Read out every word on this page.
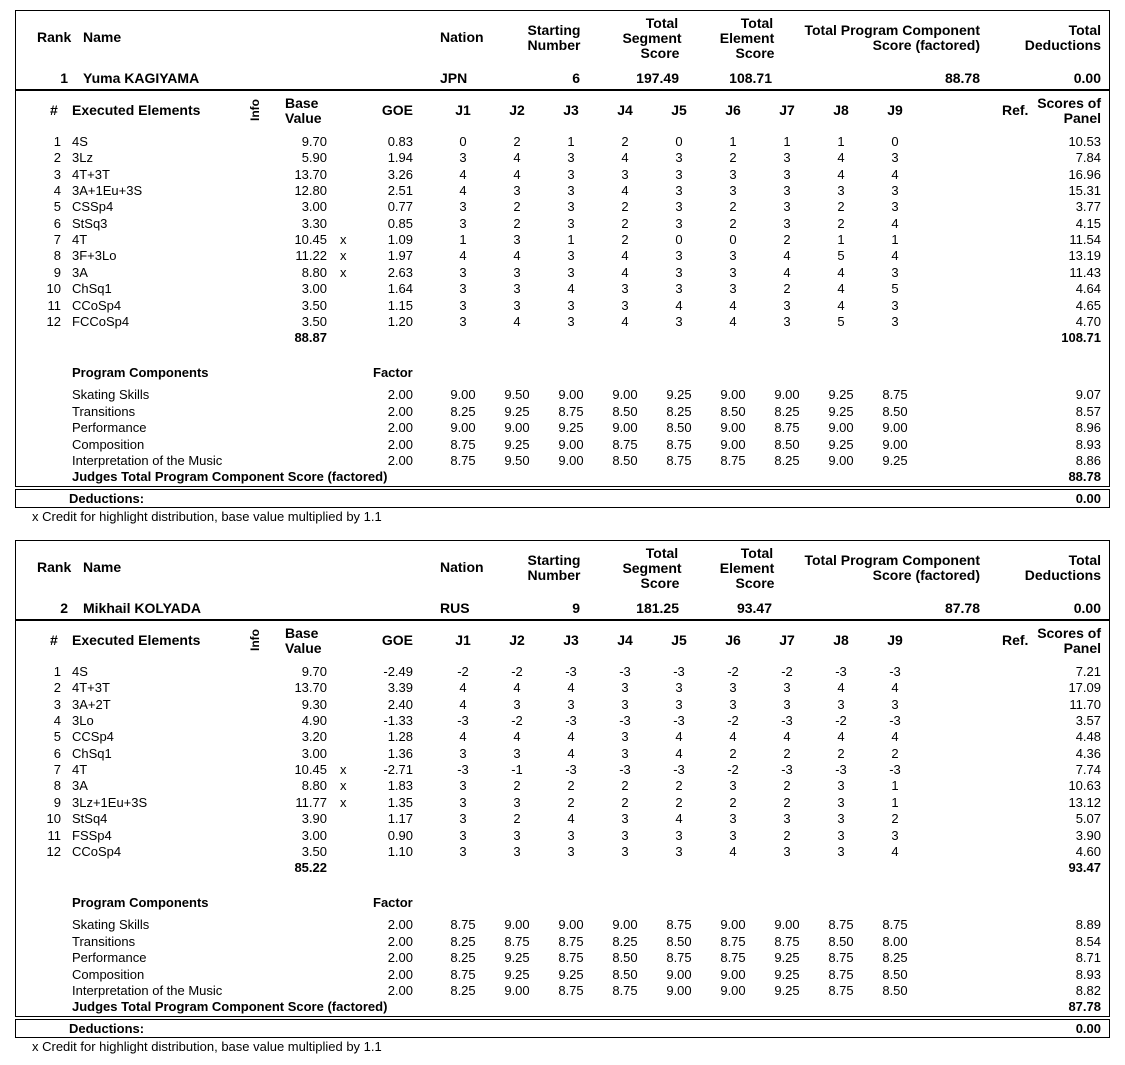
Rank Name	Nation	Starting
Number
Total
Segment
Score
Total
Element
Score
Total Program Component
Score (factored)
Total
Deductions
1 Yuma KAGIYAMA	JPN	6	197.49	108.71	88.78	0.00
# Executed Elements	Info Base
Value	GOE	J1	J2	J3	J4	J5	J6	J7	J8	J9	Ref. Scores of
Panel
1 4S	9.70	0.83	0	2	1	2	0	1	1	1	0	10.53
2 3Lz	5.90	1.94	3	4	3	4	3	2	3	4	3	7.84
3 4T+3T	13.70	3.26	4	4	3	3	3	3	3	4	4	16.96
4 3A+1Eu+3S	12.80	2.51	4	3	3	4	3	3	3	3	3	15.31
5 CSSp4	3.00	0.77	3	2	3	2	3	2	3	2	3	3.77
6 StSq3	3.30	0.85	3	2	3	2	3	2	3	2	4	4.15
7 4T	10.45 x	1.09	1	3	1	2	0	0	2	1	1	11.54
8 3F+3Lo	11.22 x	1.97	4	4	3	4	3	3	4	5	4	13.19
9 3A	8.80 x	2.63	3	3	3	4	3	3	4	4	3	11.43
10 ChSq1	3.00	1.64	3	3	4	3	3	3	2	4	5	4.64
11 CCoSp4	3.50	1.15	3	3	3	3	4	4	3	4	3	4.65
12 FCCoSp4	3.50	1.20	3	4	3	4	3	4	3	5	3	4.70
88.87	108.71
Program Components	Factor
Skating Skills	2.00	9.00	9.50	9.00	9.00	9.25	9.00	9.00	9.25	8.75	9.07
Transitions	2.00	8.25	9.25	8.75	8.50	8.25	8.50	8.25	9.25	8.50	8.57
Performance	2.00	9.00	9.00	9.25	9.00	8.50	9.00	8.75	9.00	9.00	8.96
Composition	2.00	8.75	9.25	9.00	8.75	8.75	9.00	8.50	9.25	9.00	8.93
Interpretation of the Music	2.00	8.75	9.50	9.00	8.50	8.75	8.75	8.25	9.00	9.25	8.86
Judges Total Program Component Score (factored)	88.78
Deductions:	0.00
x Credit for highlight distribution, base value multiplied by 1.1
Rank Name	Nation	Starting
Number
Total
Segment
Score
Total
Element
Score
Total Program Component
Score (factored)
Total
Deductions
2 Mikhail KOLYADA	RUS	9	181.25	93.47	87.78	0.00
# Executed Elements	Info Base
Value	GOE	J1	J2	J3	J4	J5	J6	J7	J8	J9	Ref. Scores of
Panel
1 4S	9.70	-2.49	-2	-2	-3	-3	-3	-2	-2	-3	-3	7.21
2 4T+3T	13.70	3.39	4	4	4	3	3	3	3	4	4	17.09
3 3A+2T	9.30	2.40	4	3	3	3	3	3	3	3	3	11.70
4 3Lo	4.90	-1.33	-3	-2	-3	-3	-3	-2	-3	-2	-3	3.57
5 CCSp4	3.20	1.28	4	4	4	3	4	4	4	4	4	4.48
6 ChSq1	3.00	1.36	3	3	4	3	4	2	2	2	2	4.36
7 4T	10.45 x	-2.71	-3	-1	-3	-3	-3	-2	-3	-3	-3	7.74
8 3A	8.80 x	1.83	3	2	2	2	2	3	2	3	1	10.63
9 3Lz+1Eu+3S	11.77 x	1.35	3	3	2	2	2	2	2	3	1	13.12
10 StSq4	3.90	1.17	3	2	4	3	4	3	3	3	2	5.07
11 FSSp4	3.00	0.90	3	3	3	3	3	3	2	3	3	3.90
12 CCoSp4	3.50	1.10	3	3	3	3	3	4	3	3	4	4.60
85.22	93.47
Program Components	Factor
Skating Skills	2.00	8.75	9.00	9.00	9.00	8.75	9.00	9.00	8.75	8.75	8.89
Transitions	2.00	8.25	8.75	8.75	8.25	8.50	8.75	8.75	8.50	8.00	8.54
Performance	2.00	8.25	9.25	8.75	8.50	8.75	8.75	9.25	8.75	8.25	8.71
Composition	2.00	8.75	9.25	9.25	8.50	9.00	9.00	9.25	8.75	8.50	8.93
Interpretation of the Music	2.00	8.25	9.00	8.75	8.75	9.00	9.00	9.25	8.75	8.50	8.82
Judges Total Program Component Score (factored)	87.78
Deductions:	0.00
x Credit for highlight distribution, base value multiplied by 1.1
